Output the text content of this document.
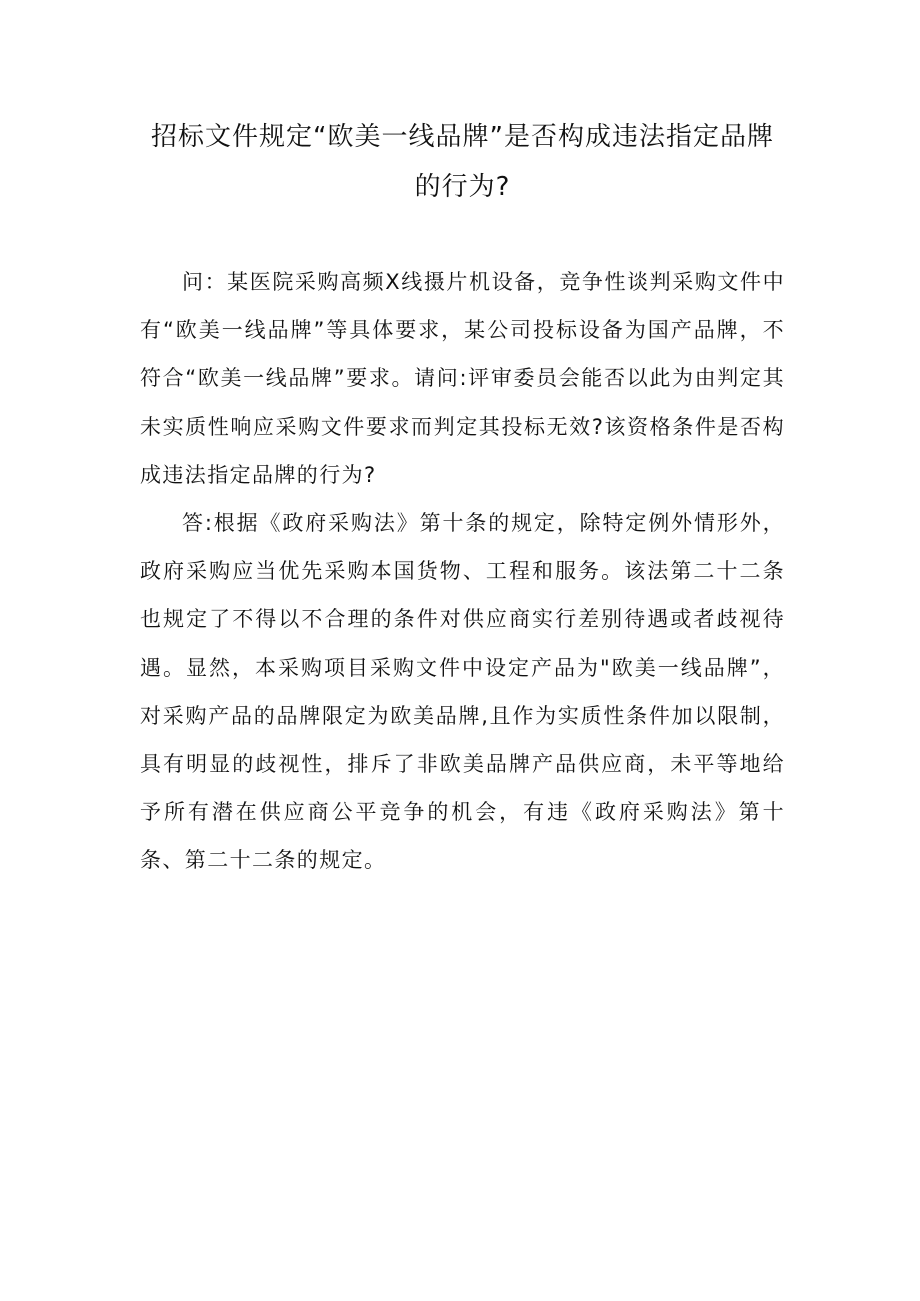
招标文件规定“欧美一线品牌”是否构成违法指定品牌的行为?

问：某医院采购高频X线摄片机设备，竞争性谈判采购文件中有“欧美一线品牌”等具体要求，某公司投标设备为国产品牌，不符合“欧美一线品牌”要求。请问:评审委员会能否以此为由判定其未实质性响应采购文件要求而判定其投标无效?该资格条件是否构成违法指定品牌的行为?

答:根据《政府采购法》第十条的规定，除特定例外情形外，政府采购应当优先采购本国货物、工程和服务。该法第二十二条也规定了不得以不合理的条件对供应商实行差别待遇或者歧视待遇。显然，本采购项目采购文件中设定产品为"欧美一线品牌”，对采购产品的品牌限定为欧美品牌,且作为实质性条件加以限制，具有明显的歧视性，排斥了非欧美品牌产品供应商，未平等地给予所有潜在供应商公平竞争的机会，有违《政府采购法》第十条、第二十二条的规定。
